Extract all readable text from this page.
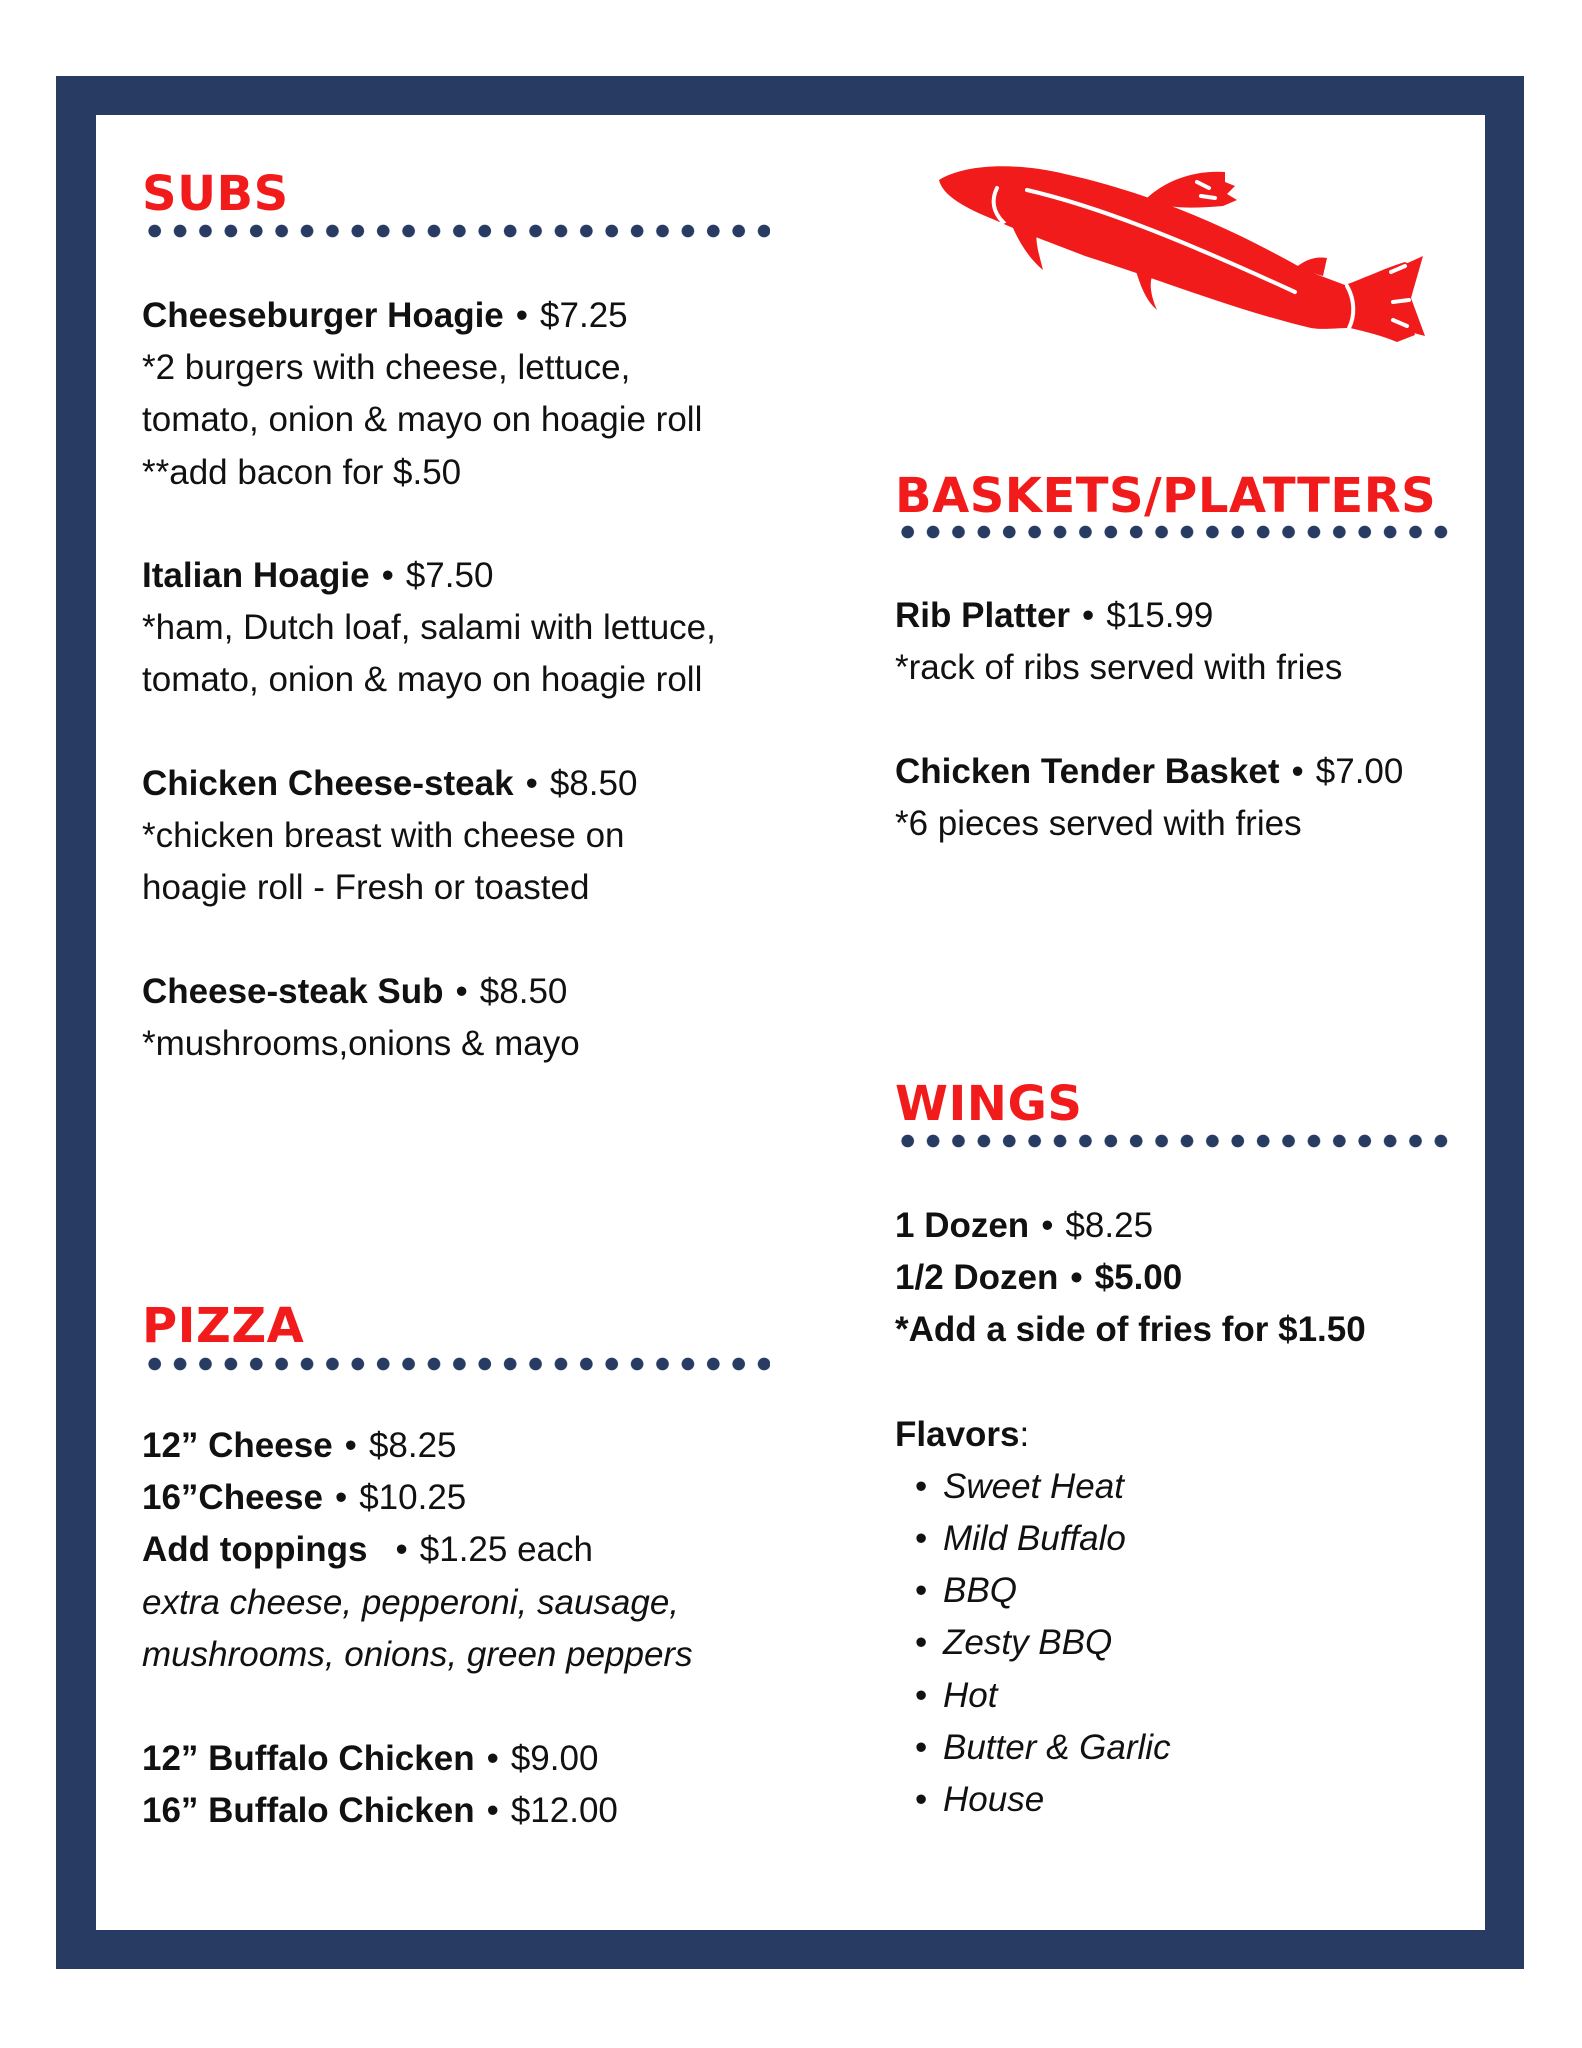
SUBS
Cheeseburger Hoagie • $7.25
*2 burgers with cheese, lettuce,
tomato, onion & mayo on hoagie roll
**add bacon for $.50
Italian Hoagie • $7.50
*ham, Dutch loaf, salami with lettuce,
tomato, onion & mayo on hoagie roll
Chicken Cheese-steak • $8.50
*chicken breast with cheese on
hoagie roll - Fresh or toasted
Cheese-steak Sub • $8.50
*mushrooms,onions & mayo
PIZZA
12” Cheese • $8.25
16”Cheese • $10.25
Add toppings • $1.25 each
extra cheese, pepperoni, sausage,
mushrooms, onions, green peppers
12” Buffalo Chicken • $9.00
16” Buffalo Chicken • $12.00
BASKETS/PLATTERS
Rib Platter • $15.99
*rack of ribs served with fries
Chicken Tender Basket • $7.00
*6 pieces served with fries
WINGS
1 Dozen • $8.25
1/2 Dozen • $5.00
*Add a side of fries for $1.50
Flavors:
• Sweet Heat
• Mild Buffalo
• BBQ
• Zesty BBQ
• Hot
• Butter & Garlic
• House
